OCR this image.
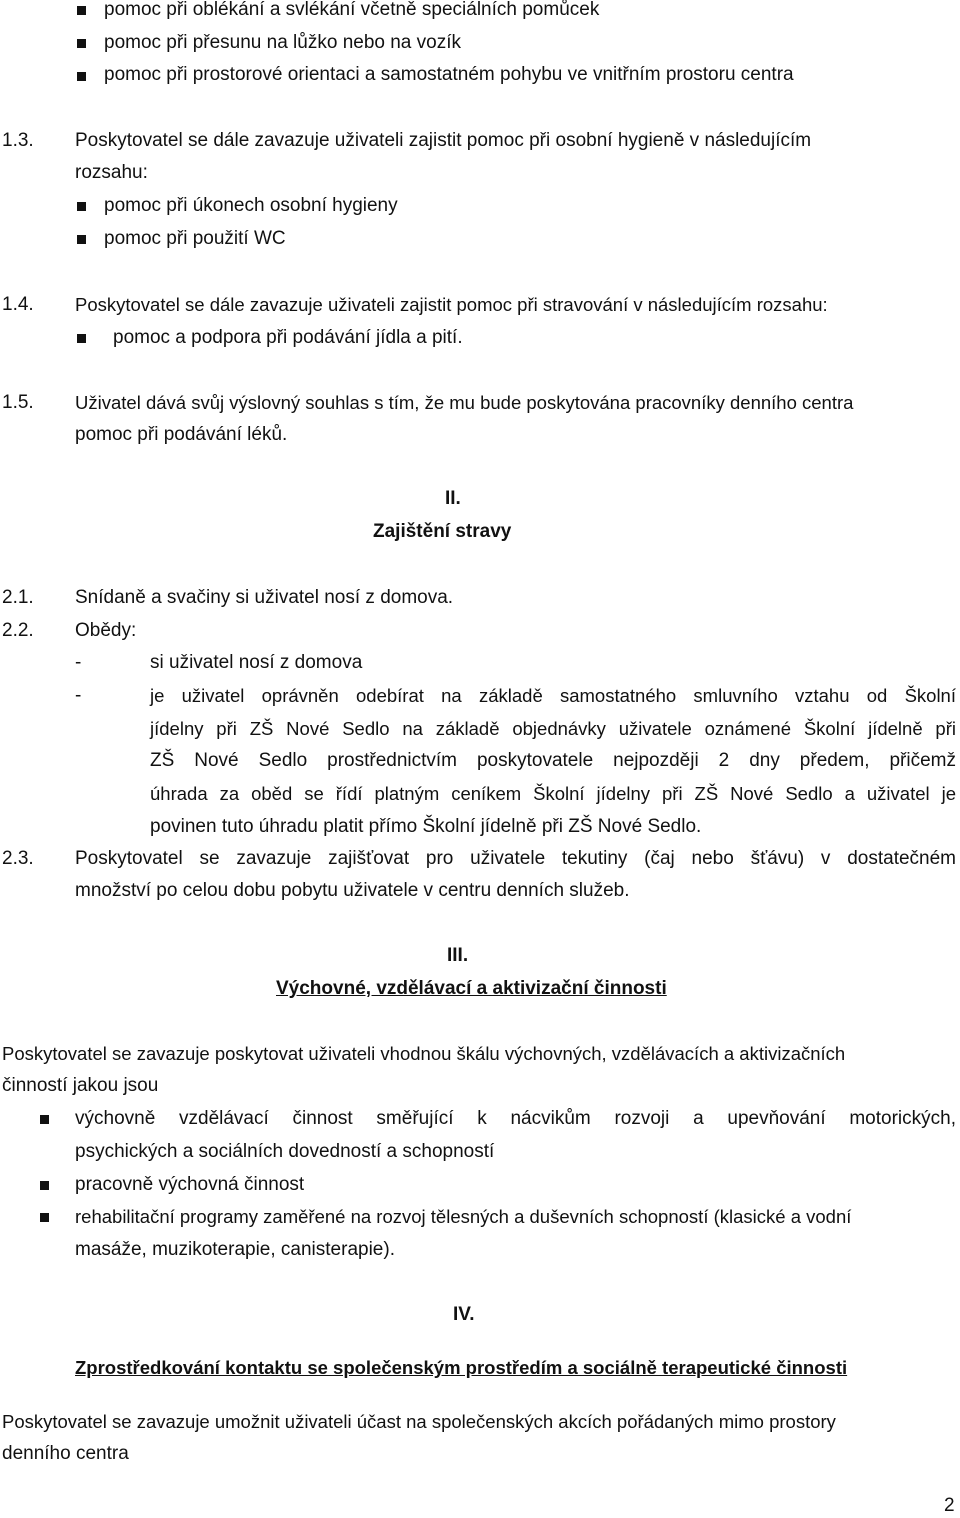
pomoc při oblékání a svlékání včetně speciálních pomůcek
pomoc při přesunu na lůžko nebo na vozík
pomoc při prostorové orientaci a samostatném pohybu ve vnitřním prostoru centra
1.3. Poskytovatel se dále zavazuje uživateli zajistit pomoc při osobní hygieně v následujícím
rozsahu:
pomoc při úkonech osobní hygieny
pomoc při použití WC
1.4. Poskytovatel se dále zavazuje uživateli zajistit pomoc při stravování v následujícím rozsahu:
pomoc a podpora při podávání jídla a pití.
1.5. Uživatel dává svůj výslovný souhlas s tím, že mu bude poskytována pracovníky denního centra
pomoc při podávání léků.
II.
Zajištění stravy
2.1. Snídaně a svačiny si uživatel nosí z domova.
2.2. Obědy:
-	si uživatel nosí z domova
-	je uživatel oprávněn odebírat na základě samostatného smluvního vztahu od Školní
jídelny při ZŠ Nové Sedlo na základě objednávky uživatele oznámené Školní jídelně při
ZŠ Nové Sedlo prostřednictvím poskytovatele nejpozději 2 dny předem, přičemž
úhrada za oběd se řídí platným ceníkem Školní jídelny při ZŠ Nové Sedlo a uživatel je
povinen tuto úhradu platit přímo Školní jídelně při ZŠ Nové Sedlo.
2.3. Poskytovatel se zavazuje zajišťovat pro uživatele tekutiny (čaj nebo šťávu) v dostatečném
množství po celou dobu pobytu uživatele v centru denních služeb.
III.
Výchovné, vzdělávací a aktivizační činnosti
Poskytovatel se zavazuje poskytovat uživateli vhodnou škálu výchovných, vzdělávacích a aktivizačních
činností jakou jsou
výchovně vzdělávací činnost směřující k nácvikům rozvoji a upevňování motorických,
psychických a sociálních dovedností a schopností
pracovně výchovná činnost
rehabilitační programy zaměřené na rozvoj tělesných a duševních schopností (klasické a vodní
masáže, muzikoterapie, canisterapie).
IV.
Zprostředkování kontaktu se společenským prostředím a sociálně terapeutické činnosti
Poskytovatel se zavazuje umožnit uživateli účast na společenských akcích pořádaných mimo prostory
denního centra
2
